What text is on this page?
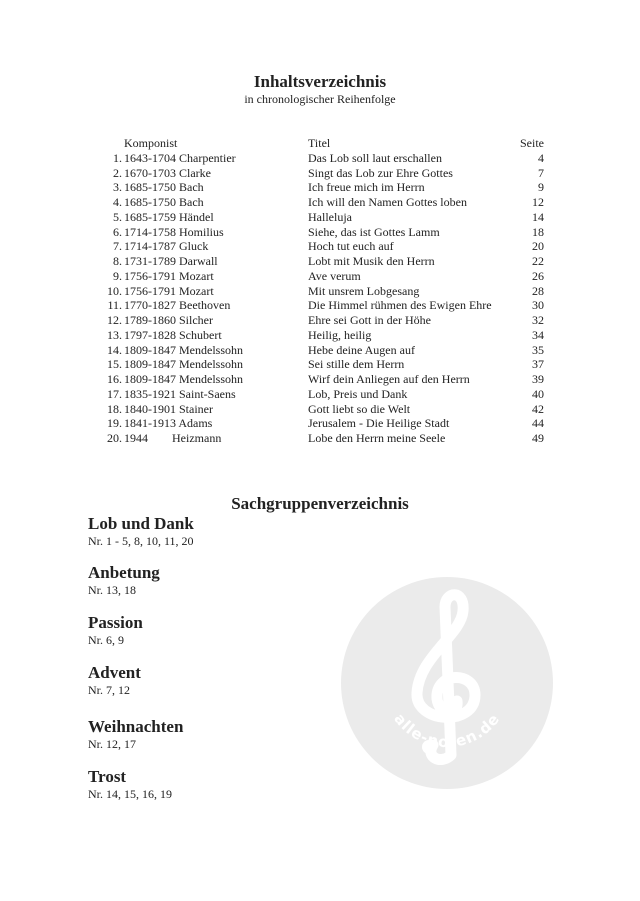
Inhaltsverzeichnis
in chronologischer Reihenfolge
Komponist	Titel	Seite
1. 1643-1704 Charpentier	Das Lob soll laut erschallen	4
2. 1670-1703 Clarke	Singt das Lob zur Ehre Gottes	7
3. 1685-1750 Bach	Ich freue mich im Herrn	9
4. 1685-1750 Bach	Ich will den Namen Gottes loben	12
5. 1685-1759 Händel	Halleluja	14
6. 1714-1758 Homilius	Siehe, das ist Gottes Lamm	18
7. 1714-1787 Gluck	Hoch tut euch auf	20
8. 1731-1789 Darwall	Lobt mit Musik den Herrn	22
9. 1756-1791 Mozart	Ave verum	26
10. 1756-1791 Mozart	Mit unsrem Lobgesang	28
11. 1770-1827 Beethoven	Die Himmel rühmen des Ewigen Ehre	30
12. 1789-1860 Silcher	Ehre sei Gott in der Höhe	32
13. 1797-1828 Schubert	Heilig, heilig	34
14. 1809-1847 Mendelssohn	Hebe deine Augen auf	35
15. 1809-1847 Mendelssohn	Sei stille dem Herrn	37
16. 1809-1847 Mendelssohn	Wirf dein Anliegen auf den Herrn	39
17. 1835-1921 Saint-Saens	Lob, Preis und Dank	40
18. 1840-1901 Stainer	Gott liebt so die Welt	42
19. 1841-1913 Adams	Jerusalem - Die Heilige Stadt	44
20. 1944        Heizmann	Lobe den Herrn meine Seele	49
Sachgruppenverzeichnis
Lob und Dank
Nr. 1 - 5, 8, 10, 11, 20
Anbetung
Nr. 13, 18
Passion
Nr. 6, 9
Advent
Nr. 7, 12
Weihnachten
Nr. 12, 17
Trost
Nr. 14, 15, 16, 19
alle-noten.de
